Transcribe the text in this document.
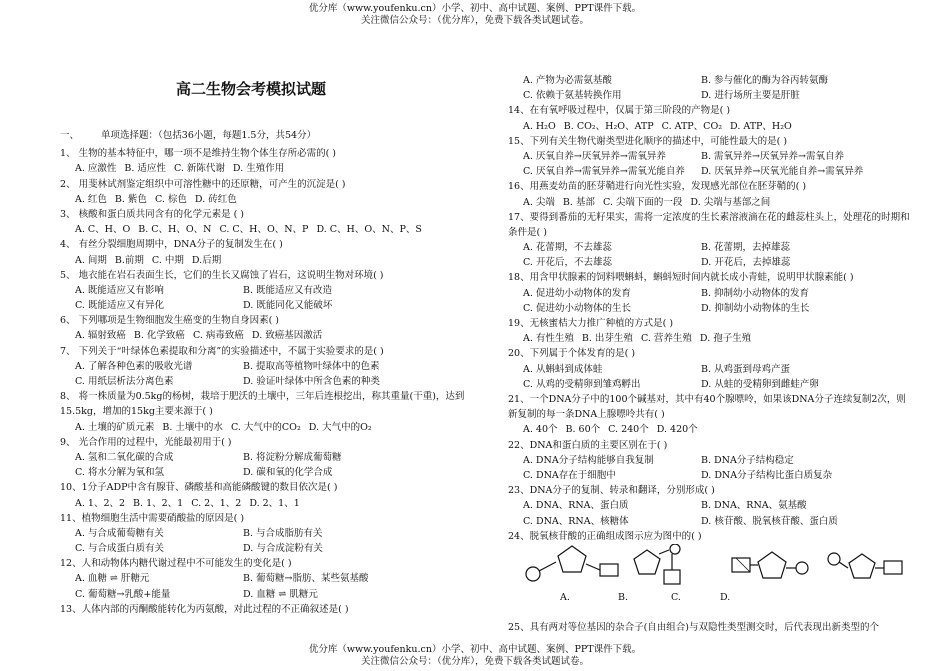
优分库（www.youfenku.cn）小学、初中、高中试题、案例、PPT课件下载。
关注微信公众号：（优分库），免费下载各类试题试卷。
高二生物会考模拟试题
一、 单项选择题：（包括36小题，每题1.5分，共54分）
1、 生物的基本特征中，哪一项不是维持生物个体生存所必需的( )
A. 应激性 B. 适应性 C. 新陈代谢 D. 生殖作用
2、 用斐林试剂鉴定组织中可溶性糖中的还原糖，可产生的沉淀是( )
A. 红色 B. 紫色 C. 棕色 D. 砖红色
3、 核酸和蛋白质共同含有的化学元素是 ( )
A. C、H、O B. C、H、O、N C. C、H、O、N、P D. C、H、O、N、P、S
4、 有丝分裂细胞周期中，DNA分子的复制发生在( )
A. 间期 B.前期 C. 中期 D.后期
5、 地衣能在岩石表面生长，它们的生长又腐蚀了岩石，这说明生物对环境( )
A. 既能适应又有影响	B. 既能适应又有改造
C. 既能适应又有异化	D. 既能同化又能破坏
6、 下列哪项是生物细胞发生癌变的生物自身因素( )
A. 辐射致癌 B. 化学致癌 C. 病毒致癌 D. 致癌基因激活
7、 下列关于“叶绿体色素提取和分离”的实验描述中，不属于实验要求的是( )
A. 了解各种色素的吸收光谱	B. 提取高等植物叶绿体中的色素
C. 用纸层析法分离色素	D. 验证叶绿体中所含色素的种类
8、 将一株质量为0.5kg的杨树，栽培于肥沃的土壤中，三年后连根挖出，称其重量(干重)，达到15.5kg，增加的15kg主要来源于( )
A. 土壤的矿质元素 B. 土壤中的水 C. 大气中的CO₂ D. 大气中的O₂
9、 光合作用的过程中，光能最初用于( )
A. 氢和二氧化碳的合成	B. 将淀粉分解成葡萄糖
C. 将水分解为氧和氢	D. 碳和氧的化学合成
10、1分子ADP中含有腺苷、磷酸基和高能磷酸键的数目依次是( )
A. 1、2、2 B. 1、2、1 C. 2、1、2 D. 2、1、1
11、植物细胞生活中需要硝酸盐的原因是( )
A. 与合成葡萄糖有关	B. 与合成脂肪有关
C. 与合成蛋白质有关	D. 与合成淀粉有关
12、人和动物体内糖代谢过程中不可能发生的变化是( )
A. 血糖 ⇌ 肝糖元	B. 葡萄糖→脂肪、某些氨基酸
C. 葡萄糖→乳酸+能量	D. 血糖 ⇌ 肌糖元
13、人体内部的丙酮酸能转化为丙氨酸，对此过程的不正确叙述是( )
A. 产物为必需氨基酸	B. 参与催化的酶为谷丙转氨酶
C. 依赖于氨基转换作用	D. 进行场所主要是肝脏
14、在有氧呼吸过程中，仅属于第三阶段的产物是( )
A. H₂O B. CO₂、H₂O、ATP C. ATP、CO₂ D. ATP、H₂O
15、下列有关生物代谢类型进化顺序的描述中，可能性最大的是( )
A. 厌氧自养→厌氧异养→需氧异养	B. 需氧异养→厌氧异养→需氧自养
C. 厌氧自养→需氧异养→需氧光能自养 D. 厌氧异养→厌氧光能自养→需氧异养
16、用燕麦幼苗的胚芽鞘进行向光性实验，发现感光部位在胚芽鞘的( )
A. 尖端 B. 基部 C. 尖端下面的一段 D. 尖端与基部之间
17、要得到番茄的无籽果实，需将一定浓度的生长素溶液滴在花的雌蕊柱头上，处理花的时期和条件是( )
A. 花蕾期，不去雄蕊	B. 花蕾期，去掉雄蕊
C. 开花后，不去雄蕊	D. 开花后，去掉雄蕊
18、用含甲状腺素的饲料喂蝌蚪，蝌蚪短时间内就长成小青蛙，说明甲状腺素能( )
A. 促进幼小动物体的发育	B. 抑制幼小动物体的发育
C. 促进幼小动物体的生长	D. 抑制幼小动物体的生长
19、无核蜜桔大力推广种植的方式是( )
A. 有性生殖 B. 出芽生殖 C. 营养生殖 D. 孢子生殖
20、下列属于个体发育的是( )
A. 从蝌蚪到成体蛙	B. 从鸡蛋到母鸡产蛋
C. 从鸡的受精卵到雏鸡孵出	D. 从蛙的受精卵到雌蛙产卵
21、一个DNA分子中的100个碱基对，其中有40个腺嘌呤，如果该DNA分子连续复制2次，则新复制的每一条DNA上腺嘌呤共有( )
A. 40个 B. 60个 C. 240个 D. 420个
22、DNA和蛋白质的主要区别在于( )
A. DNA分子结构能够自我复制	B. DNA分子结构稳定
C. DNA存在于细胞中	D. DNA分子结构比蛋白质复杂
23、DNA分子的复制、转录和翻译，分别形成( )
A. DNA、RNA、蛋白质	B. DNA、RNA、氨基酸
C. DNA、RNA、核糖体	D. 核苷酸、脱氧核苷酸、蛋白质
24、脱氧核苷酸的正确组成图示应为图中的( )
A.	B.	C.	D.
25、具有两对等位基因的杂合子(自由组合)与双隐性类型测交时，后代表现出新类型的个
优分库（www.youfenku.cn）小学、初中、高中试题、案例、PPT课件下载。
关注微信公众号：（优分库），免费下载各类试题试卷。
